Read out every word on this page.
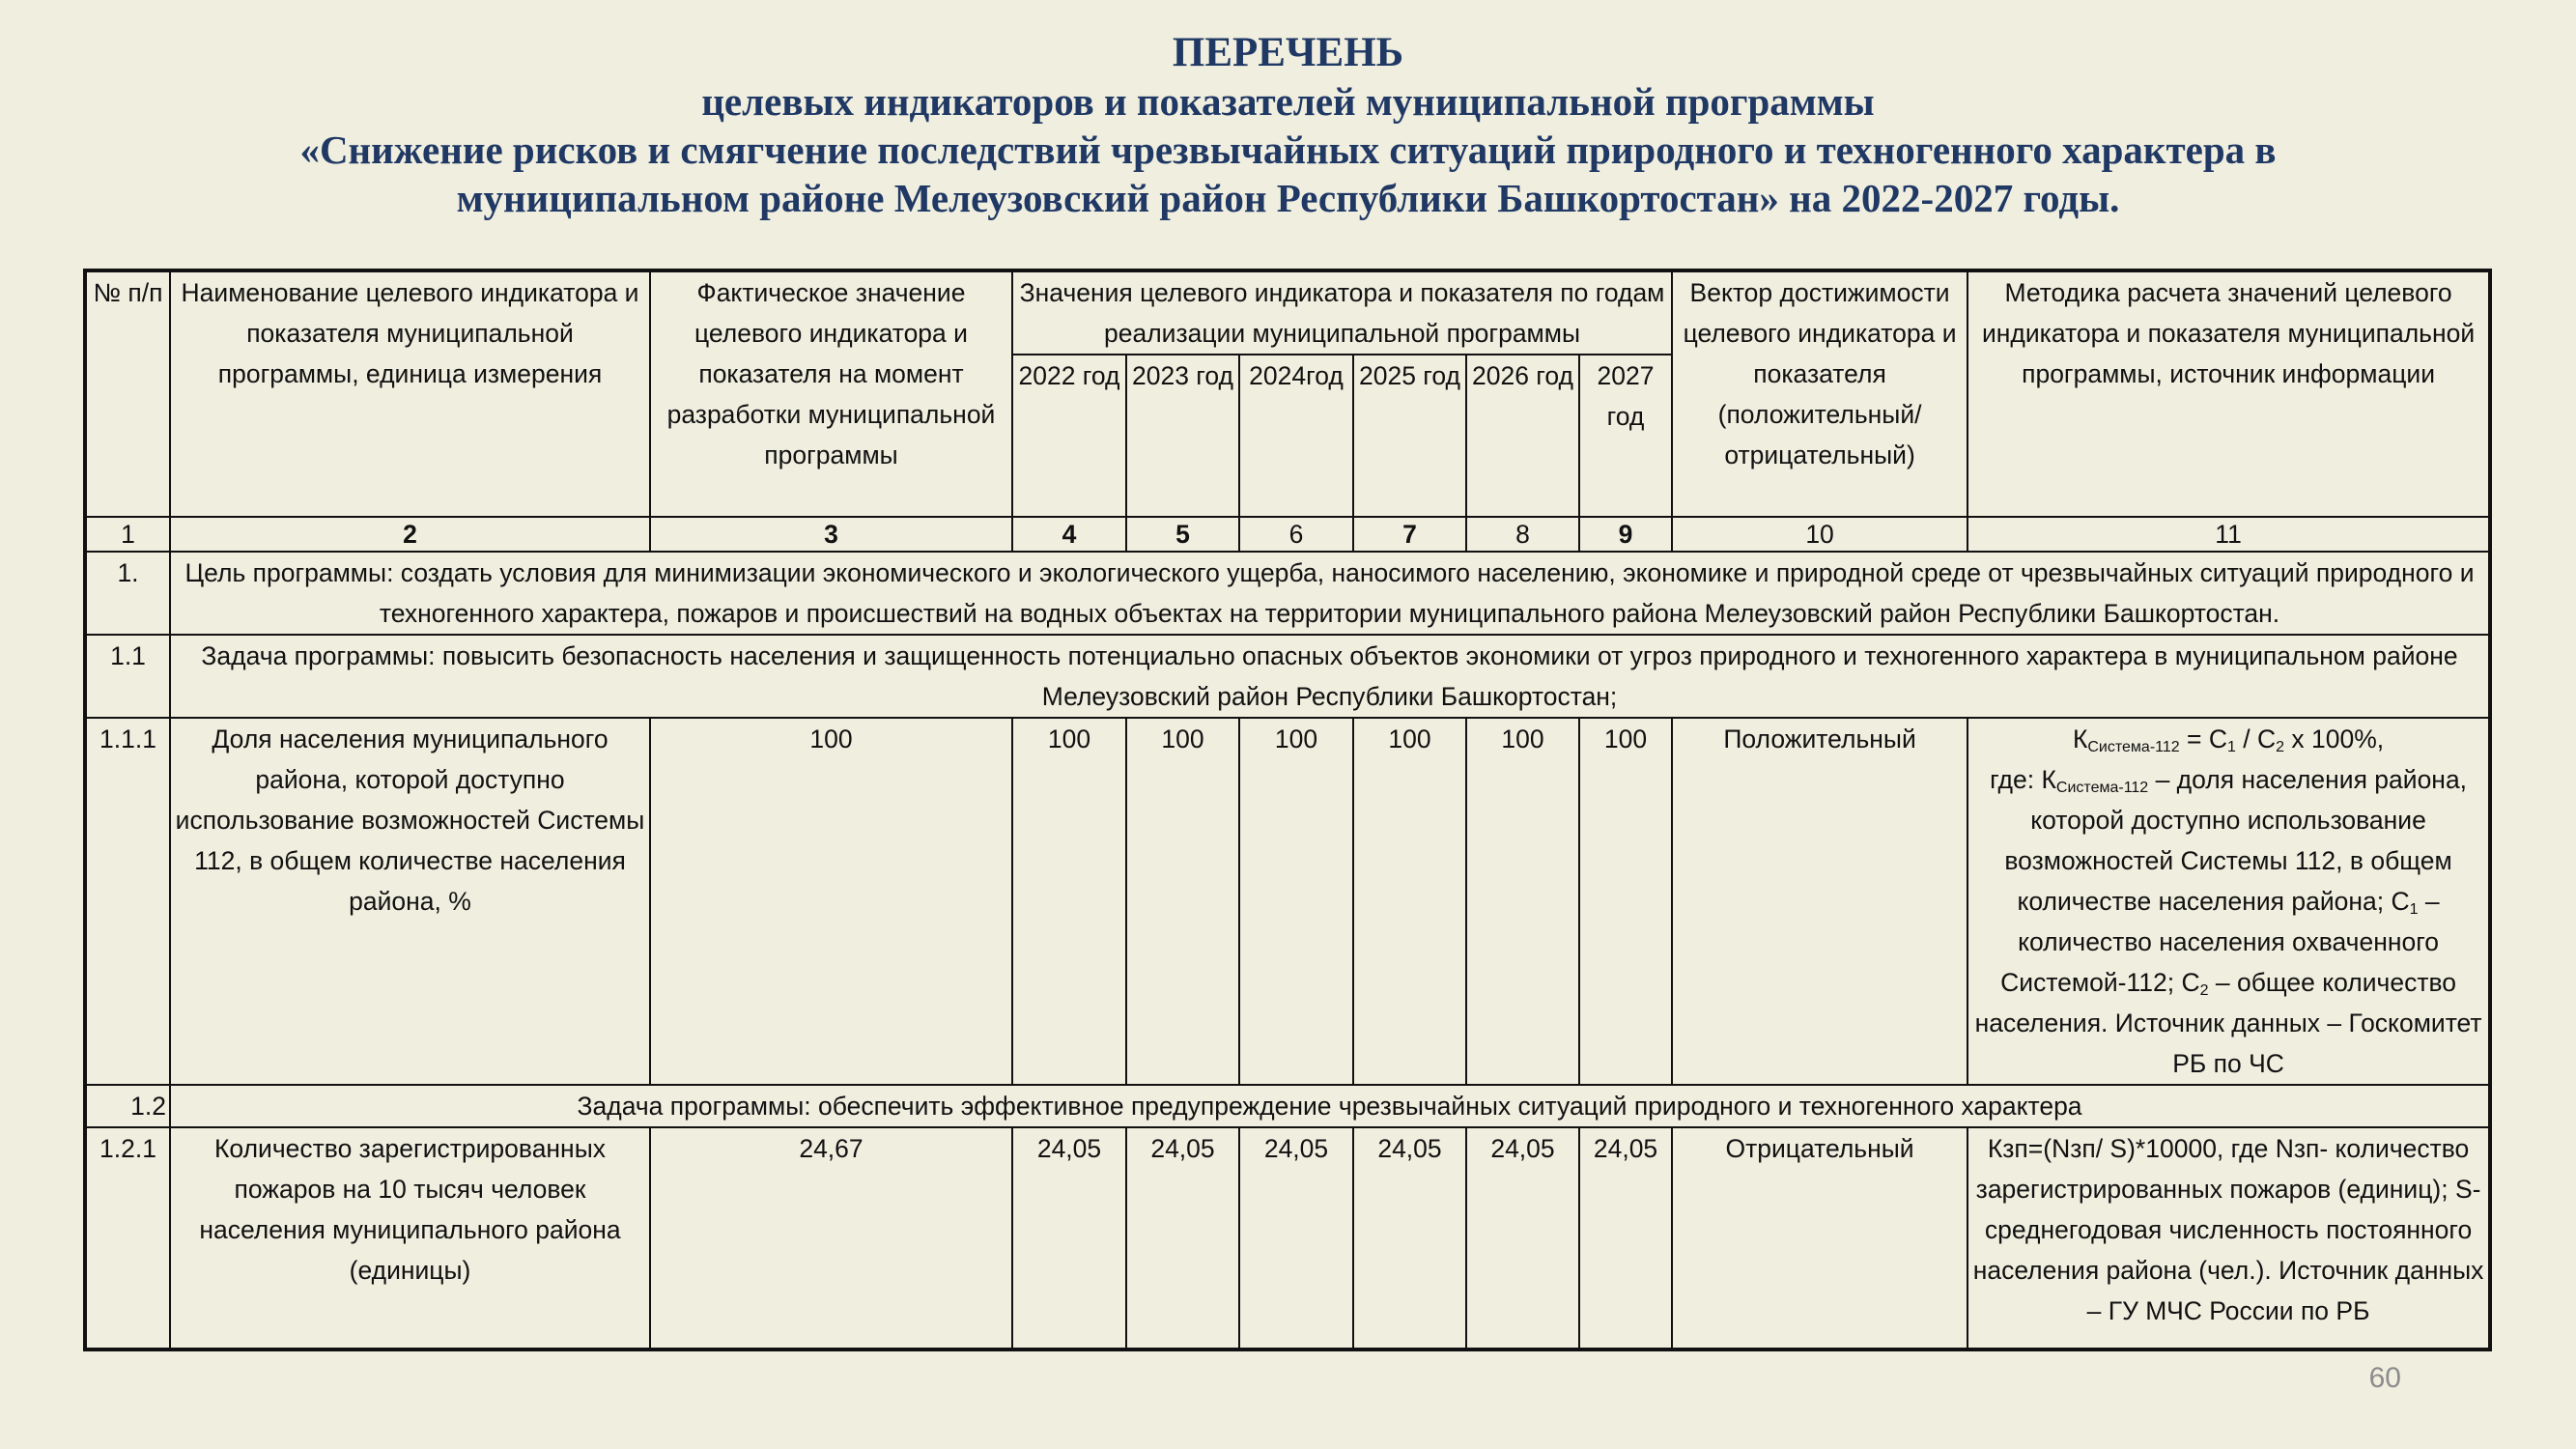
ПЕРЕЧЕНЬ
целевых индикаторов и показателей муниципальной программы
«Снижение рисков и смягчение последствий чрезвычайных ситуаций природного и техногенного характера в
муниципальном районе Мелеузовский район Республики Башкортостан» на 2022-2027 годы.
№ п/п	Наименование целевого индикатора и показателя муниципальной программы, единица измерения	Фактическое значение целевого индикатора и показателя на момент разработки муниципальной программы	Значения целевого индикатора и показателя по годам реализации муниципальной программы						Вектор достижимости целевого индикатора и показателя (положительный/отрицательный)	Методика расчета значений целевого индикатора и показателя муниципальной программы, источник информации
			2022 год	2023 год	2024год	2025 год	2026 год	2027 год		
1	2	3	4	5	6	7	8	9	10	11
1.	Цель программы: создать условия для минимизации экономического и экологического ущерба, наносимого населению, экономике и природной среде от чрезвычайных ситуаций природного и техногенного характера, пожаров и происшествий на водных объектах на территории муниципального района Мелеузовский район Республики Башкортостан.									
1.1	Задача программы: повысить безопасность населения и защищенность потенциально опасных объектов экономики от угроз природного и техногенного характера в муниципальном районе Мелеузовский район Республики Башкортостан;									
1.1.1	Доля населения муниципального района, которой доступно использование возможностей Системы 112, в общем количестве населения района, %	100	100	100	100	100	100	100	Положительный	$К_{Система-112} = С_1 / С_2$ х 100%,
где: $К_{Система-112}$ – доля населения района, которой доступно использование возможностей Системы 112, в общем количестве населения района; $С_1$ – количество населения охваченного Системой-112; $С_2$ – общее количество населения. Источник данных – Госкомитет РБ по ЧС
1.2	Задача программы: обеспечить эффективное предупреждение чрезвычайных ситуаций природного и техногенного характера									
1.2.1	Количество зарегистрированных пожаров на 10 тысяч человек населения муниципального района (единицы)	24,67	24,05	24,05	24,05	24,05	24,05	24,05	Отрицательный	Кзп=(Nзп/ S)*10000, где Nзп- количество зарегистрированных пожаров (единиц); S- среднегодовая численность постоянного населения района (чел.). Источник данных – ГУ МЧС России по РБ
60
